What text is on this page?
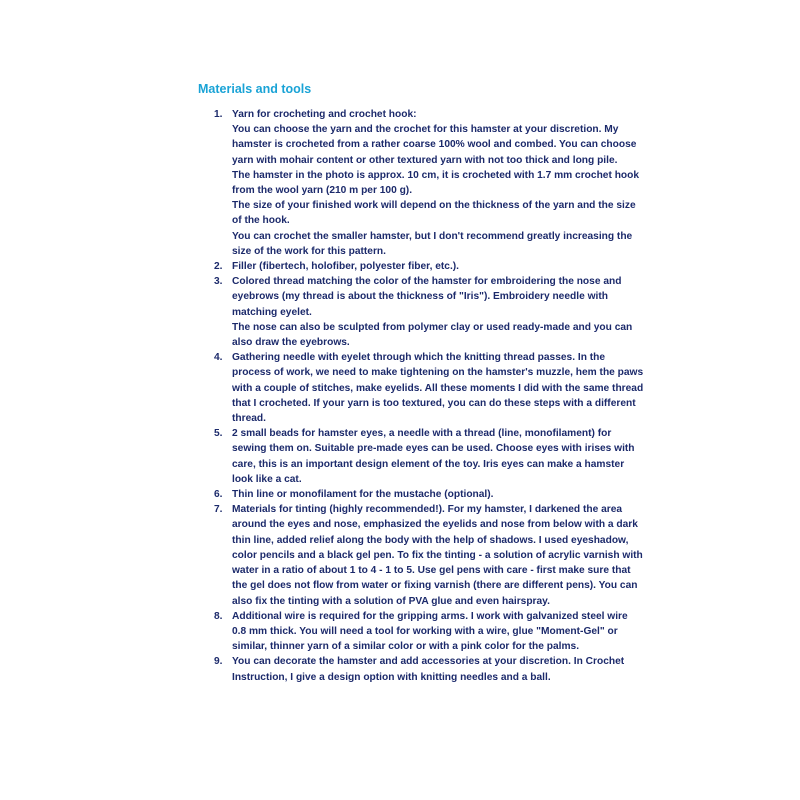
Materials and tools
1. Yarn for crocheting and crochet hook:
You can choose the yarn and the crochet for this hamster at your discretion. My hamster is crocheted from a rather coarse 100% wool and combed. You can choose yarn with mohair content or other textured yarn with not too thick and long pile.
The hamster in the photo is approx. 10 cm, it is crocheted with 1.7 mm crochet hook from the wool yarn (210 m per 100 g).
The size of your finished work will depend on the thickness of the yarn and the size of the hook.
You can crochet the smaller hamster, but I don't recommend greatly increasing the size of the work for this pattern.
2. Filler (fibertech, holofiber, polyester fiber, etc.).
3. Colored thread matching the color of the hamster for embroidering the nose and eyebrows (my thread is about the thickness of "Iris"). Embroidery needle with matching eyelet.
The nose can also be sculpted from polymer clay or used ready-made and you can also draw the eyebrows.
4. Gathering needle with eyelet through which the knitting thread passes. In the process of work, we need to make tightening on the hamster's muzzle, hem the paws with a couple of stitches, make eyelids. All these moments I did with the same thread that I crocheted. If your yarn is too textured, you can do these steps with a different thread.
5. 2 small beads for hamster eyes, a needle with a thread (line, monofilament) for sewing them on. Suitable pre-made eyes can be used. Choose eyes with irises with care, this is an important design element of the toy. Iris eyes can make a hamster look like a cat.
6. Thin line or monofilament for the mustache (optional).
7. Materials for tinting (highly recommended!). For my hamster, I darkened the area around the eyes and nose, emphasized the eyelids and nose from below with a dark thin line, added relief along the body with the help of shadows. I used eyeshadow, color pencils and a black gel pen. To fix the tinting - a solution of acrylic varnish with water in a ratio of about 1 to 4 - 1 to 5. Use gel pens with care - first make sure that the gel does not flow from water or fixing varnish (there are different pens). You can also fix the tinting with a solution of PVA glue and even hairspray.
8. Additional wire is required for the gripping arms. I work with galvanized steel wire 0.8 mm thick. You will need a tool for working with a wire, glue "Moment-Gel" or similar, thinner yarn of a similar color or with a pink color for the palms.
9. You can decorate the hamster and add accessories at your discretion. In Crochet Instruction, I give a design option with knitting needles and a ball.
